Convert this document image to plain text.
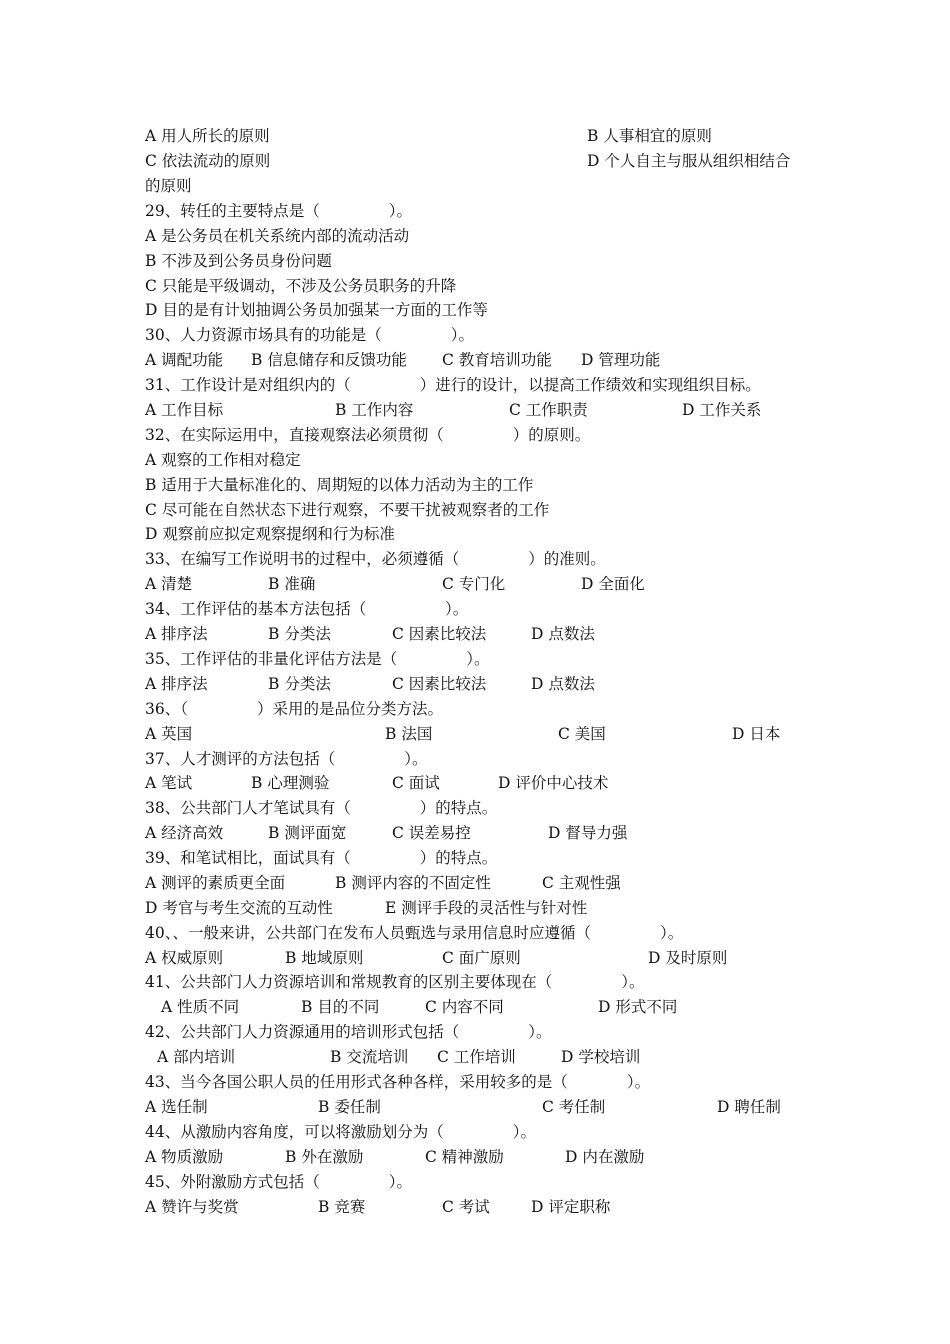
A 用人所长的原则	B 人事相宜的原则
C 依法流动的原则	D 个人自主与服从组织相结合
的原则
29、转任的主要特点是（              ）。
A 是公务员在机关系统内部的流动活动
B 不涉及到公务员身份问题
C 只能是平级调动，不涉及公务员职务的升降
D 目的是有计划抽调公务员加强某一方面的工作等
30、人力资源市场具有的功能是（              ）。
A 调配功能 B 信息储存和反馈功能 C 教育培训功能 D 管理功能
31、工作设计是对组织内的（              ）进行的设计，以提高工作绩效和实现组织目标。
A 工作目标	B 工作内容	C 工作职责	D 工作关系
32、在实际运用中，直接观察法必须贯彻（              ）的原则。
A 观察的工作相对稳定
B 适用于大量标准化的、周期短的以体力活动为主的工作
C 尽可能在自然状态下进行观察，不要干扰被观察者的工作
D 观察前应拟定观察提纲和行为标准
33、在编写工作说明书的过程中，必须遵循（              ）的准则。
A 清楚	B 准确	C 专门化	D 全面化
34、工作评估的基本方法包括（                ）。
A 排序法	B 分类法	C 因素比较法	D 点数法
35、工作评估的非量化评估方法是（              ）。
A 排序法	B 分类法	C 因素比较法	D 点数法
36、（              ）采用的是品位分类方法。
A 英国	B 法国	C 美国	D 日本
37、人才测评的方法包括（              ）。
A 笔试	B 心理测验	C 面试	D 评价中心技术
38、公共部门人才笔试具有（              ）的特点。
A 经济高效	B 测评面宽	C 误差易控	D 督导力强
39、和笔试相比，面试具有（              ）的特点。
A 测评的素质更全面	B 测评内容的不固定性	C 主观性强
D 考官与考生交流的互动性	E 测评手段的灵活性与针对性
40、、一般来讲，公共部门在发布人员甄选与录用信息时应遵循（              ）。
A 权威原则	B 地域原则	C 面广原则	D 及时原则
41、公共部门人力资源培训和常规教育的区别主要体现在（              ）。
A 性质不同	B 目的不同	C 内容不同	D 形式不同
42、公共部门人力资源通用的培训形式包括（              ）。
A 部内培训	B 交流培训 C 工作培训	D 学校培训
43、当今各国公职人员的任用形式各种各样，采用较多的是（            ）。
A 选任制	B 委任制	C 考任制	D 聘任制
44、从激励内容角度，可以将激励划分为（              ）。
A 物质激励	B 外在激励	C 精神激励	D 内在激励
45、外附激励方式包括（              ）。
A 赞许与奖赏	B 竞赛	C 考试	D 评定职称
